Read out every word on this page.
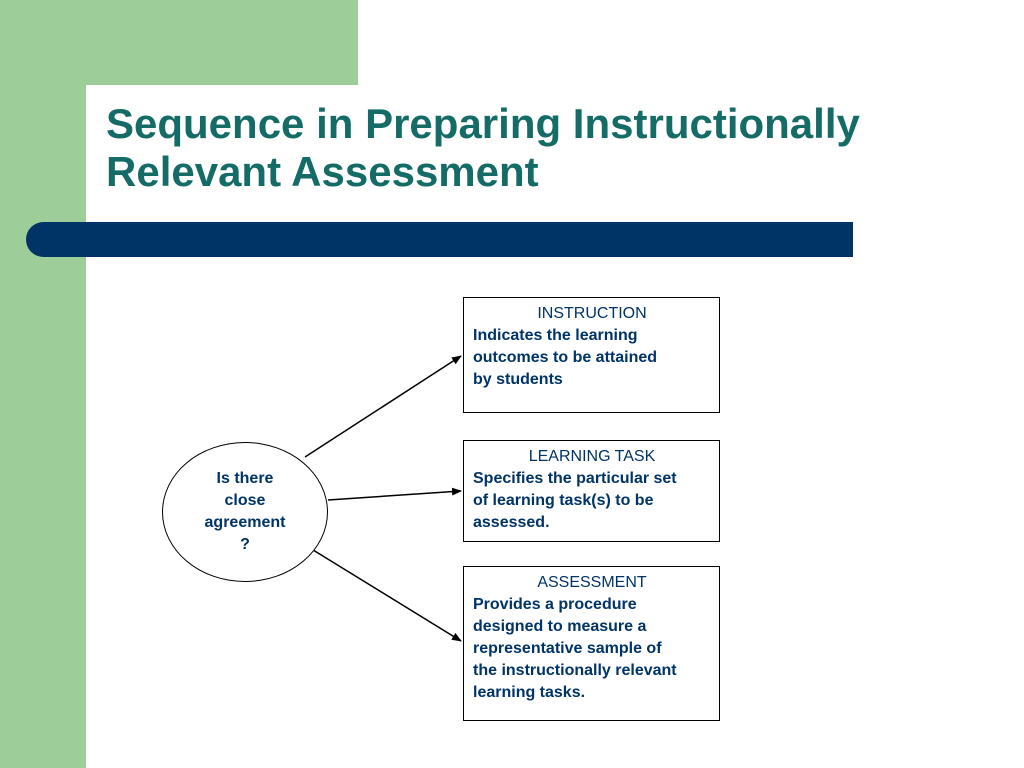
Sequence in Preparing Instructionally
Relevant Assessment
Is there
close
agreement
?
INSTRUCTION
Indicates the learning
outcomes to be attained
by students
LEARNING TASK
Specifies the particular set
of learning task(s) to be
assessed.
ASSESSMENT
Provides a procedure
designed to measure a
representative sample of
the instructionally relevant
learning tasks.
